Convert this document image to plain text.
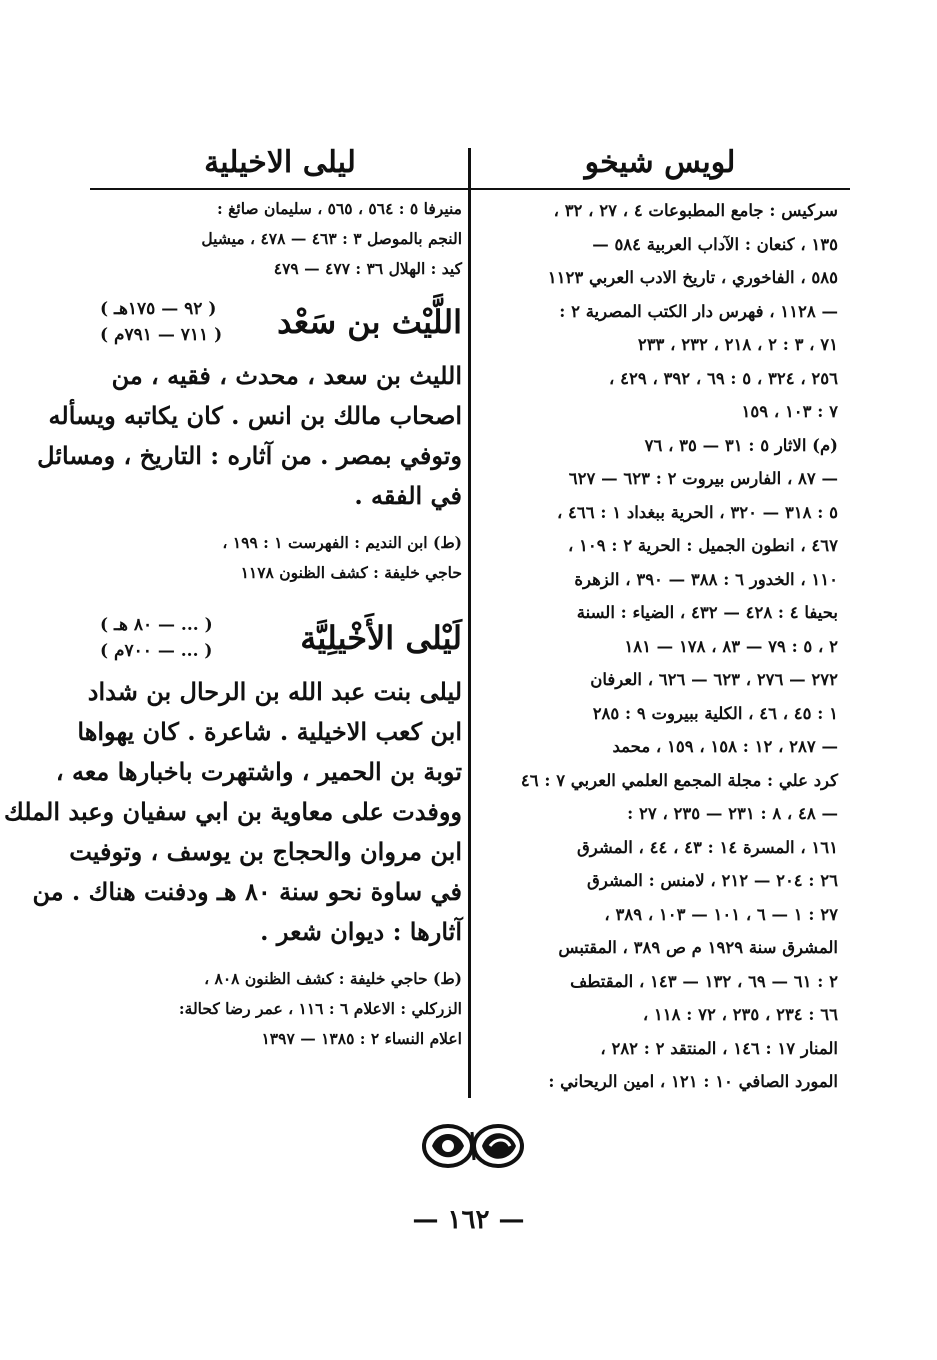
لويس شيخو
ليلى الاخيلية
سركيس : جامع المطبوعات ٤ ، ٢٧ ، ٣٢ ،
١٣٥ ، كنعان : الآداب العربية ٥٨٤ —
٥٨٥ ، الفاخوري ، تاريخ الادب العربي ١١٢٣
— ١١٢٨ ، فهرس دار الكتب المصرية ٢ :
٧١ ، ٣ : ٢ ، ٢١٨ ، ٢٣٢ ، ٢٣٣
٢٥٦ ، ٣٢٤ ، ٥ : ٦٩ ، ٣٩٢ ، ٤٢٩ ،
٧ : ١٠٣ ، ١٥٩
(م) الاثار ٥ : ٣١ — ٣٥ ، ٧٦
— ٨٧ ، الفارس بيروت ٢ : ٦٢٣ — ٦٢٧
٥ : ٣١٨ — ٣٢٠ ، الحرية ببغداد ١ : ٤٦٦ ،
٤٦٧ ، انطون الجميل : الحرية ٢ : ١٠٩ ،
١١٠ ، الخدور ٦ : ٣٨٨ — ٣٩٠ ، الزهرة
بحيفا ٤ : ٤٢٨ — ٤٣٢ ، الضياء : السنة
٢ ، ٥ : ٧٩ — ٨٣ ، ١٧٨ — ١٨١
٢٧٢ — ٢٧٦ ، ٦٢٣ — ٦٢٦ ، العرفان
١ : ٤٥ ، ٤٦ ، الكلية ببيروت ٩ : ٢٨٥
— ٢٨٧ ، ١٢ : ١٥٨ ، ١٥٩ ، محمد
كرد علي : مجلة المجمع العلمي العربي ٧ : ٤٦
— ٤٨ ، ٨ : ٢٣١ — ٢٣٥ ، ٢٧ :
١٦١ ، المسرة ١٤ : ٤٣ ، ٤٤ ، المشرق
٢٦ : ٢٠٤ — ٢١٢ ، لامنس : المشرق
٢٧ : ١ — ٦ ، ١٠١ — ١٠٣ ، ٣٨٩ ،
المشرق سنة ١٩٢٩ م ص ٣٨٩ ، المقتبس
٢ : ٦١ — ٦٩ ، ١٣٢ — ١٤٣ ، المقتطف
٦٦ : ٢٣٤ ، ٢٣٥ ، ٧٢ : ١١٨ ،
المنار ١٧ : ١٤٦ ، المنتقد ٢ : ٢٨٢ ،
المورد الصافي ١٠ : ١٢١ ، امين الريحاني :
منيرفا ٥ : ٥٦٤ ، ٥٦٥ ، سليمان صائغ :
النجم بالموصل ٣ : ٤٦٣ — ٤٧٨ ، ميشيل
كيد : الهلال ٣٦ : ٤٧٧ — ٤٧٩
اللَّيْث بن سَعْد
( ٩٢ — ١٧٥هـ )
( ٧١١ — ٧٩١م )
الليث بن سعد ، محدث ، فقيه ، من
اصحاب مالك بن انس . كان يكاتبه ويسأله
وتوفي بمصر . من آثاره : التاريخ ، ومسائل
في الفقه .
(ط) ابن النديم : الفهرست ١ : ١٩٩ ،
حاجي خليفة : كشف الظنون ١١٧٨
لَيْلى الأَخْيلِيَّة
( ... — ٨٠ هـ )
( ... — ٧٠٠م )
ليلى بنت عبد الله بن الرحال بن شداد
ابن كعب الاخيلية . شاعرة . كان يهواها
توبة بن الحمير ، واشتهرت باخبارها معه ،
ووفدت على معاوية بن ابي سفيان وعبد الملك
ابن مروان والحجاج بن يوسف ، وتوفيت
في ساوة نحو سنة ٨٠ هـ ودفنت هناك . من
آثارها : ديوان شعر .
(ط) حاجي خليفة : كشف الظنون ٨٠٨ ،
الزركلي : الاعلام ٦ : ١١٦ ، عمر رضا كحالة:
اعلام النساء ٢ : ١٣٨٥ — ١٣٩٧
— ١٦٢ —
